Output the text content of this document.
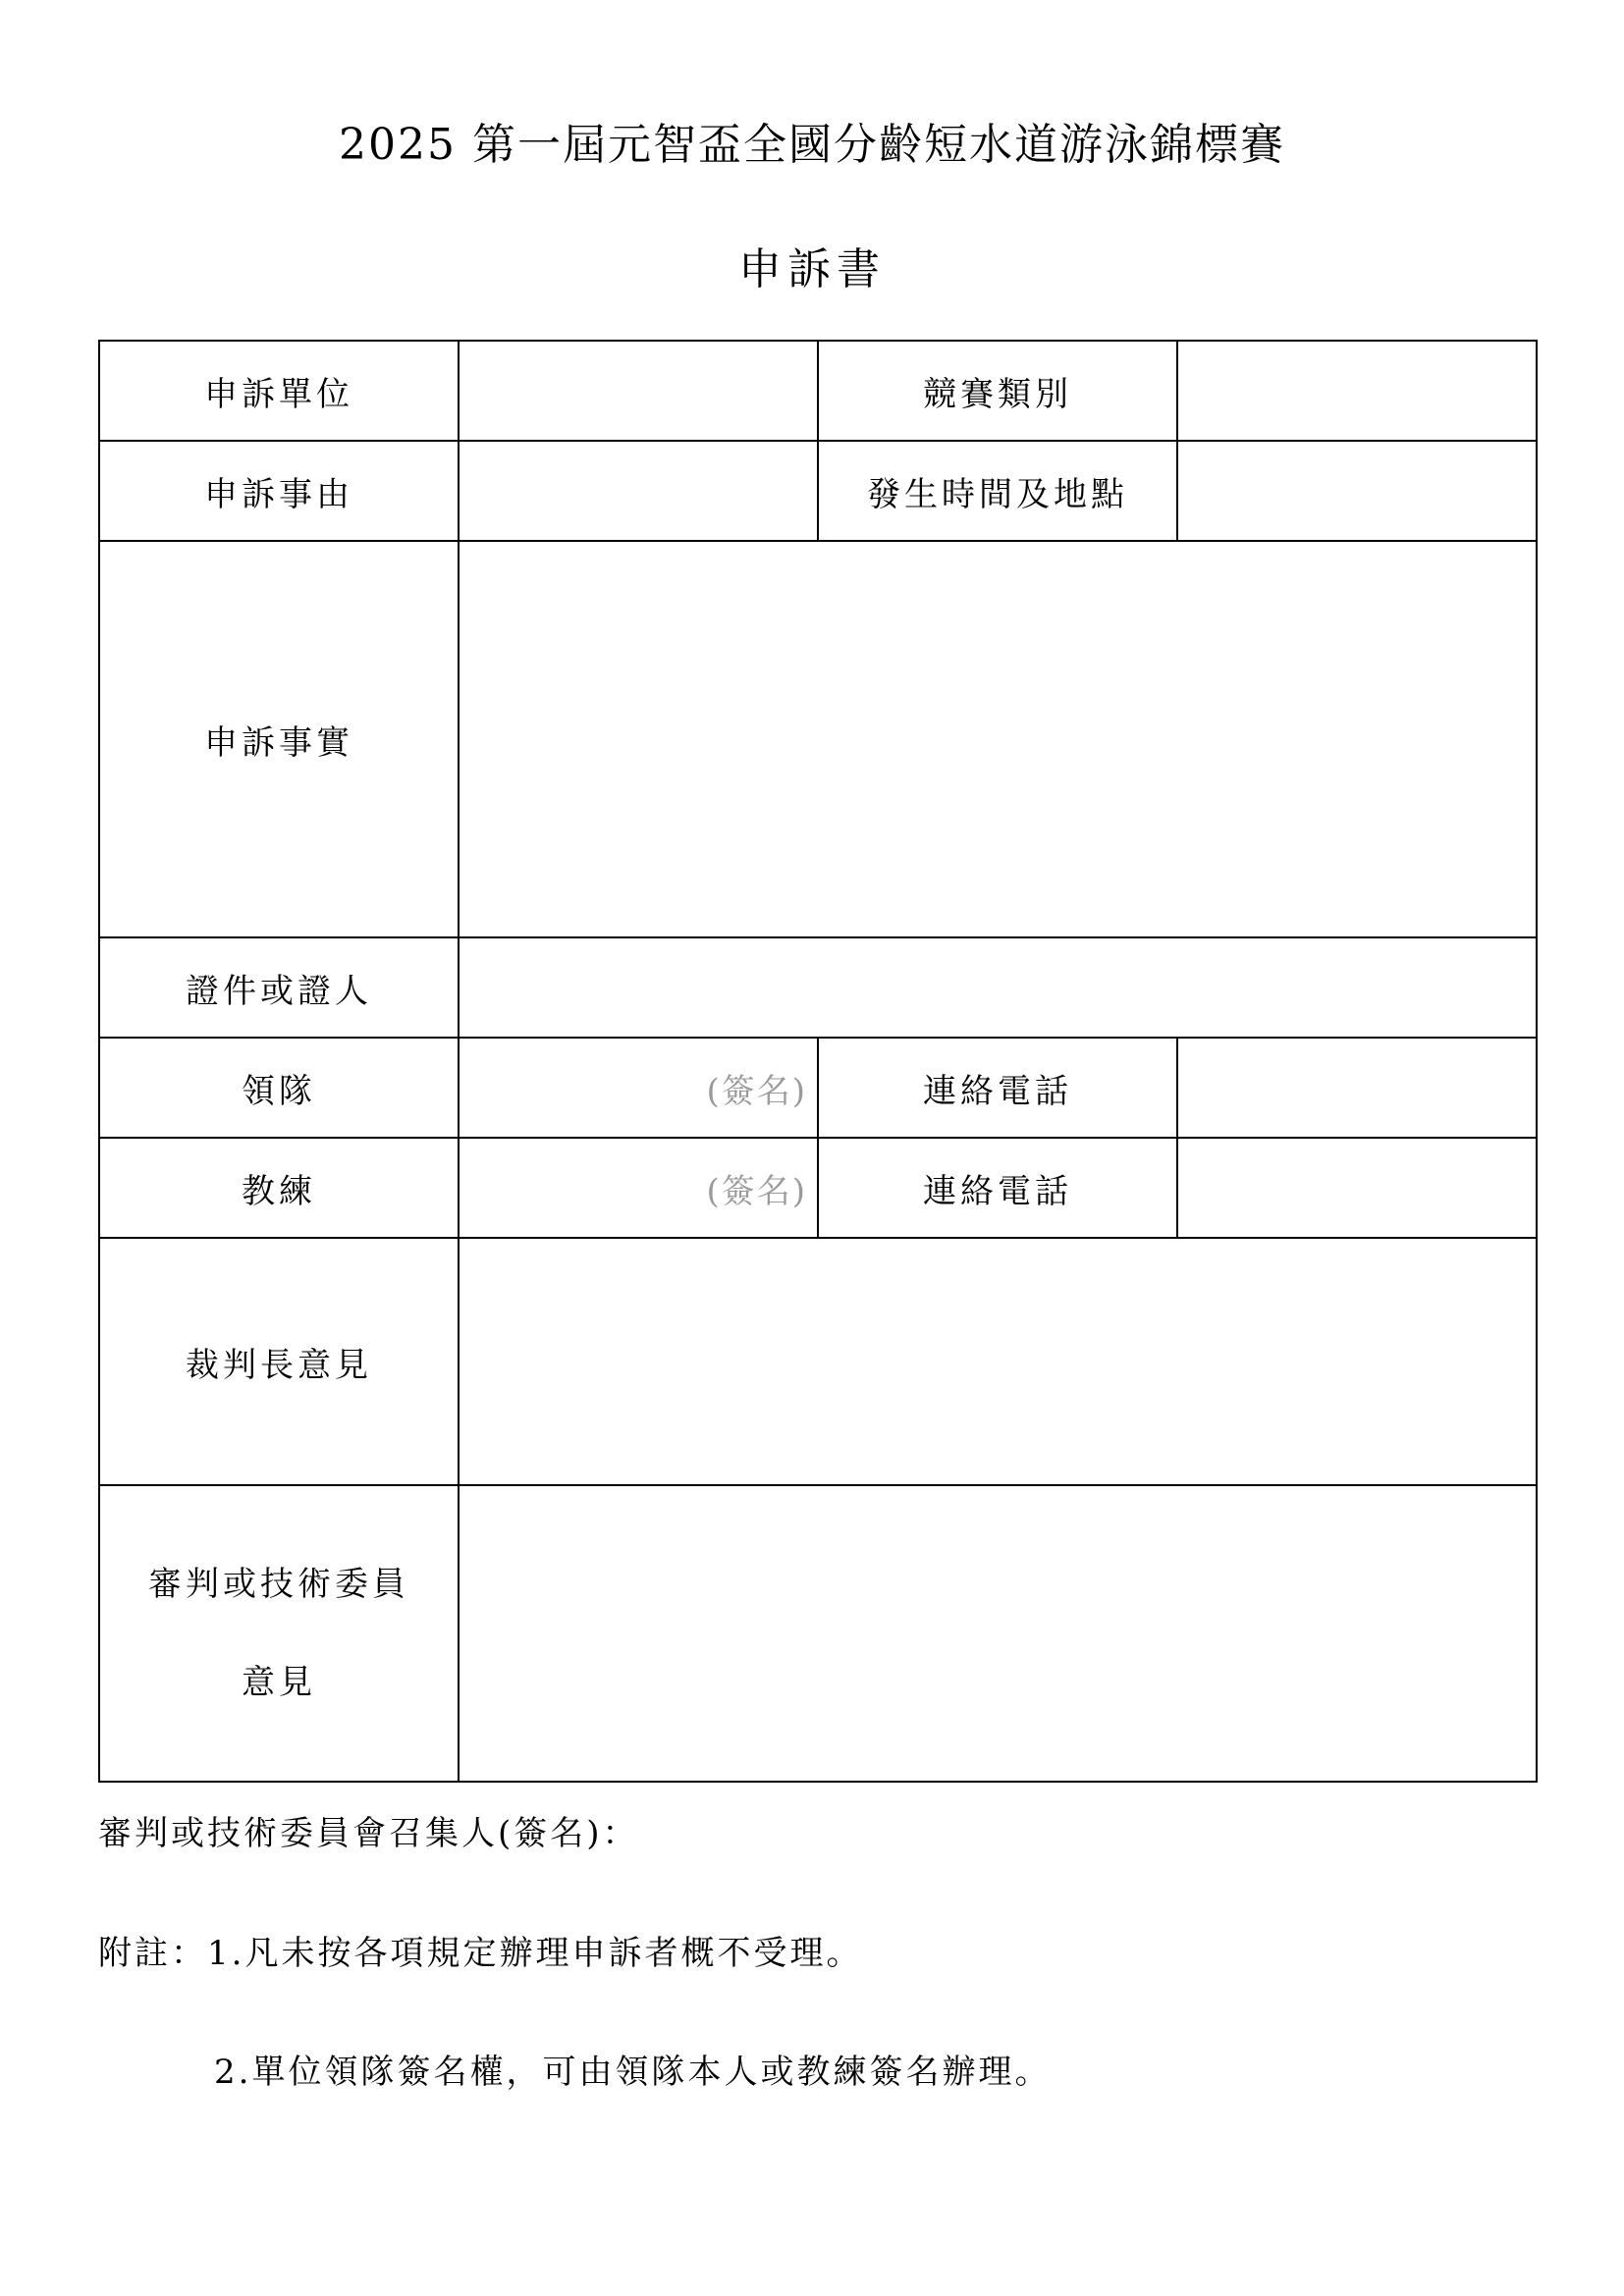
2025 第一屆元智盃全國分齡短水道游泳錦標賽
申訴書
申訴單位		競賽類別	
申訴事由		發生時間及地點	
申訴事實			
證件或證人			
領隊	(簽名)	連絡電話	
教練	(簽名)	連絡電話	
裁判長意見			

審判或技術委員
意見			

審判或技術委員會召集人(簽名)：
附註：1.凡未按各項規定辦理申訴者概不受理。
2.單位領隊簽名權，可由領隊本人或教練簽名辦理。
